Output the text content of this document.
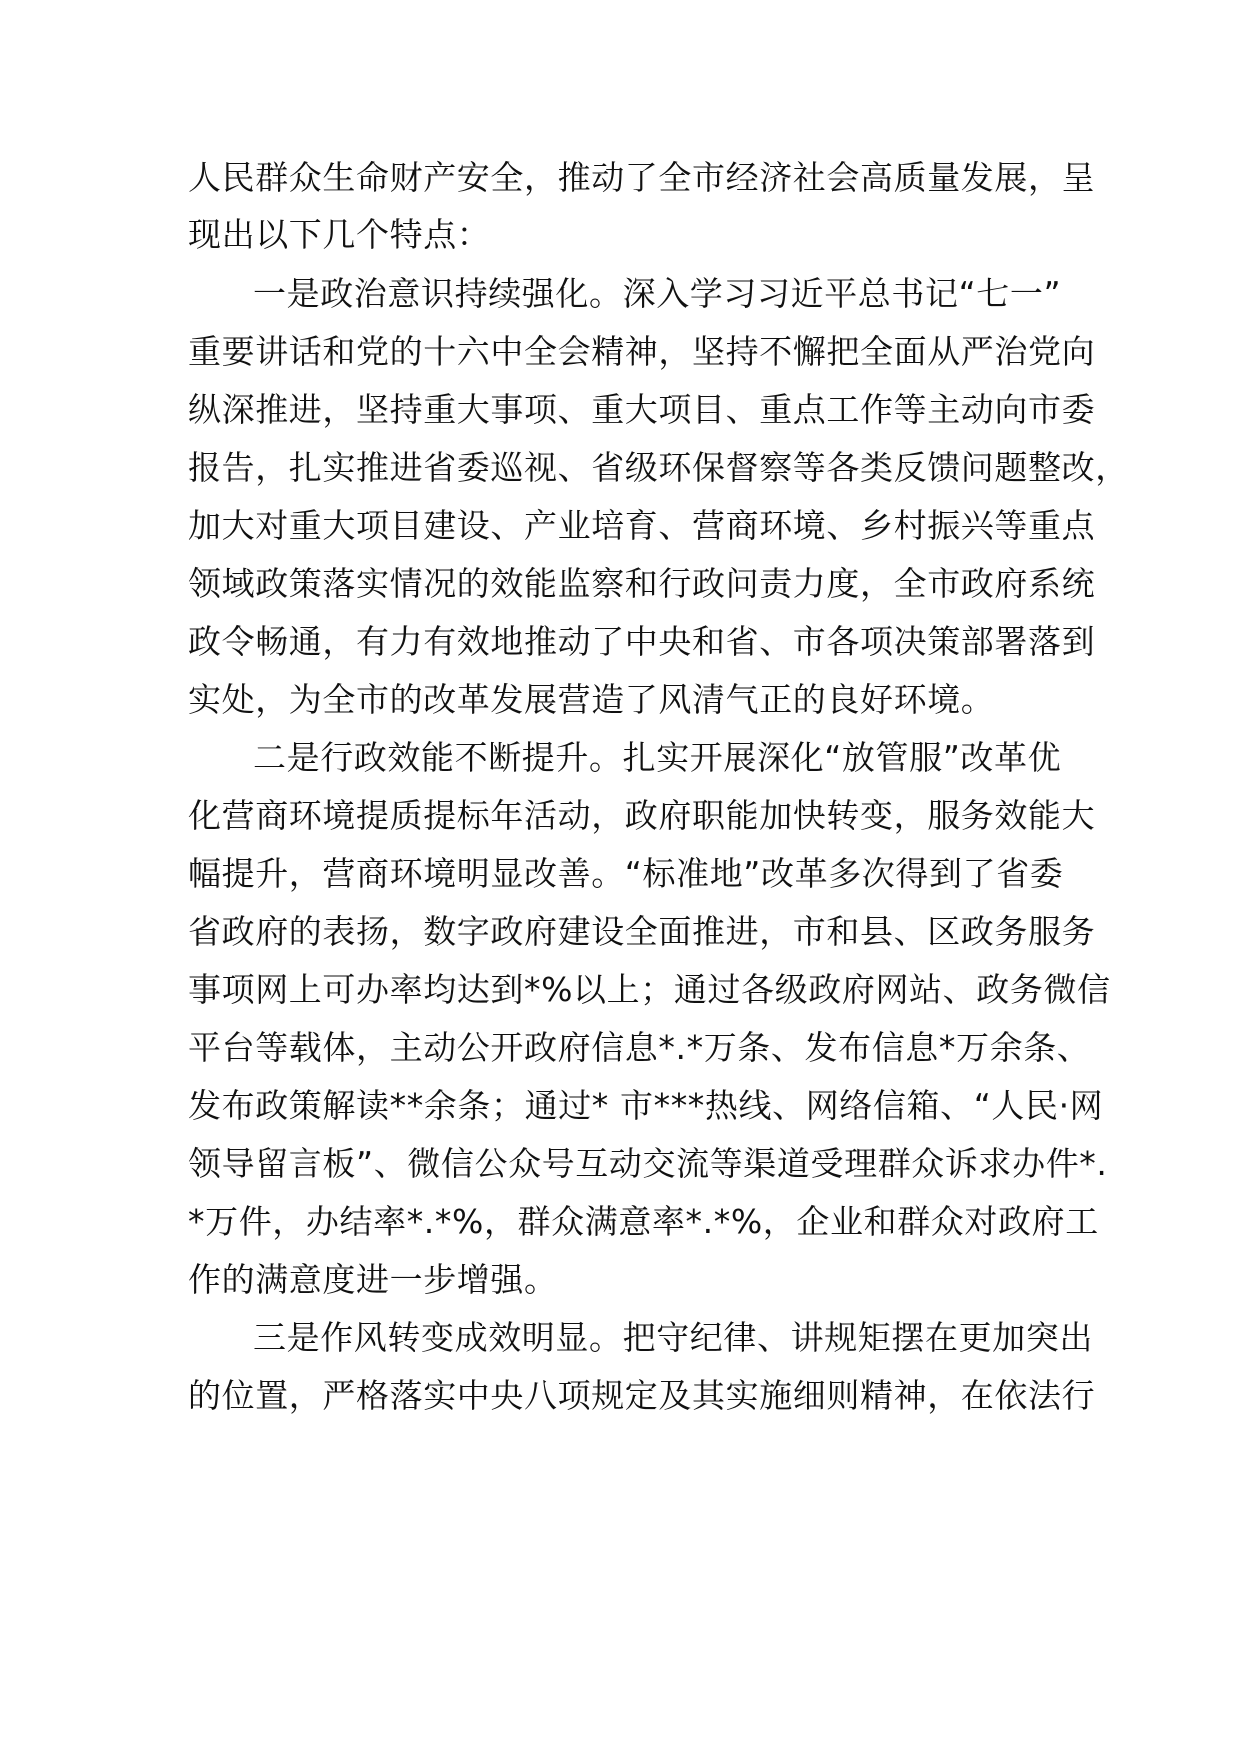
人民群众生命财产安全，推动了全市经济社会高质量发展，呈

现出以下几个特点：

一是政治意识持续强化。深入学习习近平总书记“七一”

重要讲话和党的十六中全会精神，坚持不懈把全面从严治党向

纵深推进，坚持重大事项、重大项目、重点工作等主动向市委

报告，扎实推进省委巡视、省级环保督察等各类反馈问题整改，

加大对重大项目建设、产业培育、营商环境、乡村振兴等重点

领域政策落实情况的效能监察和行政问责力度，全市政府系统

政令畅通，有力有效地推动了中央和省、市各项决策部署落到

实处，为全市的改革发展营造了风清气正的良好环境。

二是行政效能不断提升。扎实开展深化“放管服”改革优

化营商环境提质提标年活动，政府职能加快转变，服务效能大

幅提升，营商环境明显改善。“标准地”改革多次得到了省委

省政府的表扬，数字政府建设全面推进，市和县、区政务服务

事项网上可办率均达到*%以上；通过各级政府网站、政务微信

平台等载体，主动公开政府信息*.*万条、发布信息*万余条、

发布政策解读**余条；通过* 市***热线、网络信箱、“人民·网

领导留言板”、微信公众号互动交流等渠道受理群众诉求办件*.

*万件，办结率*.*%，群众满意率*.*%，企业和群众对政府工

作的满意度进一步增强。

三是作风转变成效明显。把守纪律、讲规矩摆在更加突出

的位置，严格落实中央八项规定及其实施细则精神，在依法行
